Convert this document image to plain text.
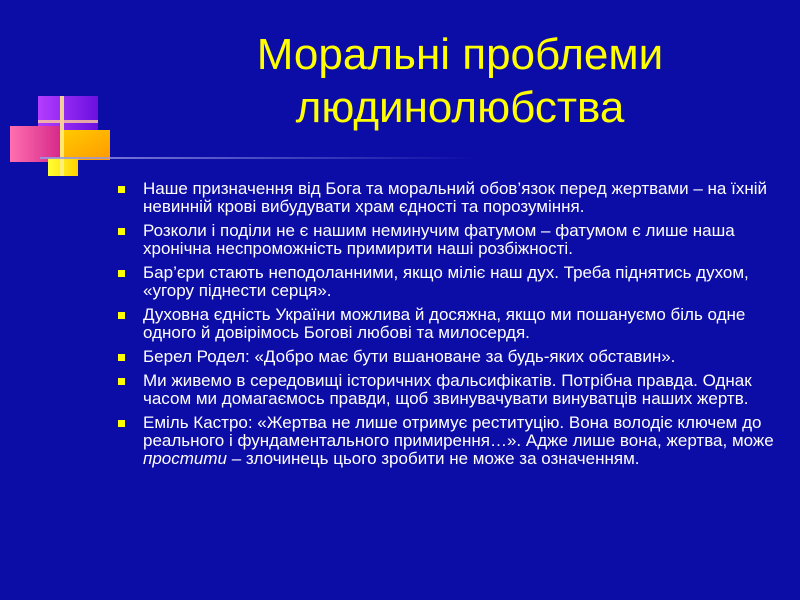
Моральні проблеми людинолюбства
Наше призначення від Бога та моральний обов’язок перед жертвами – на їхній невинній крові вибудувати храм єдності та порозуміння.
Розколи і поділи не є нашим неминучим фатумом – фатумом є лише наша хронічна неспроможність примирити наші розбіжності.
Бар’єри стають неподоланними, якщо міліє наш дух. Треба піднятись духом, «угору піднести серця».
Духовна єдність України можлива й досяжна, якщо ми пошануємо біль одне одного й довірімось Богові любові та милосердя.
Берел Родел: «Добро має бути вшановане за будь-яких обставин».
Ми живемо в середовищі історичних фальсифікатів. Потрібна правда. Однак часом ми домагаємось правди, щоб звинувачувати винуватців наших жертв.
Еміль Кастро: «Жертва не лише отримує реституцію. Вона володіє ключем до реального і фундаментального примирення…». Адже лише вона, жертва, може простити – злочинець цього зробити не може за означенням.
